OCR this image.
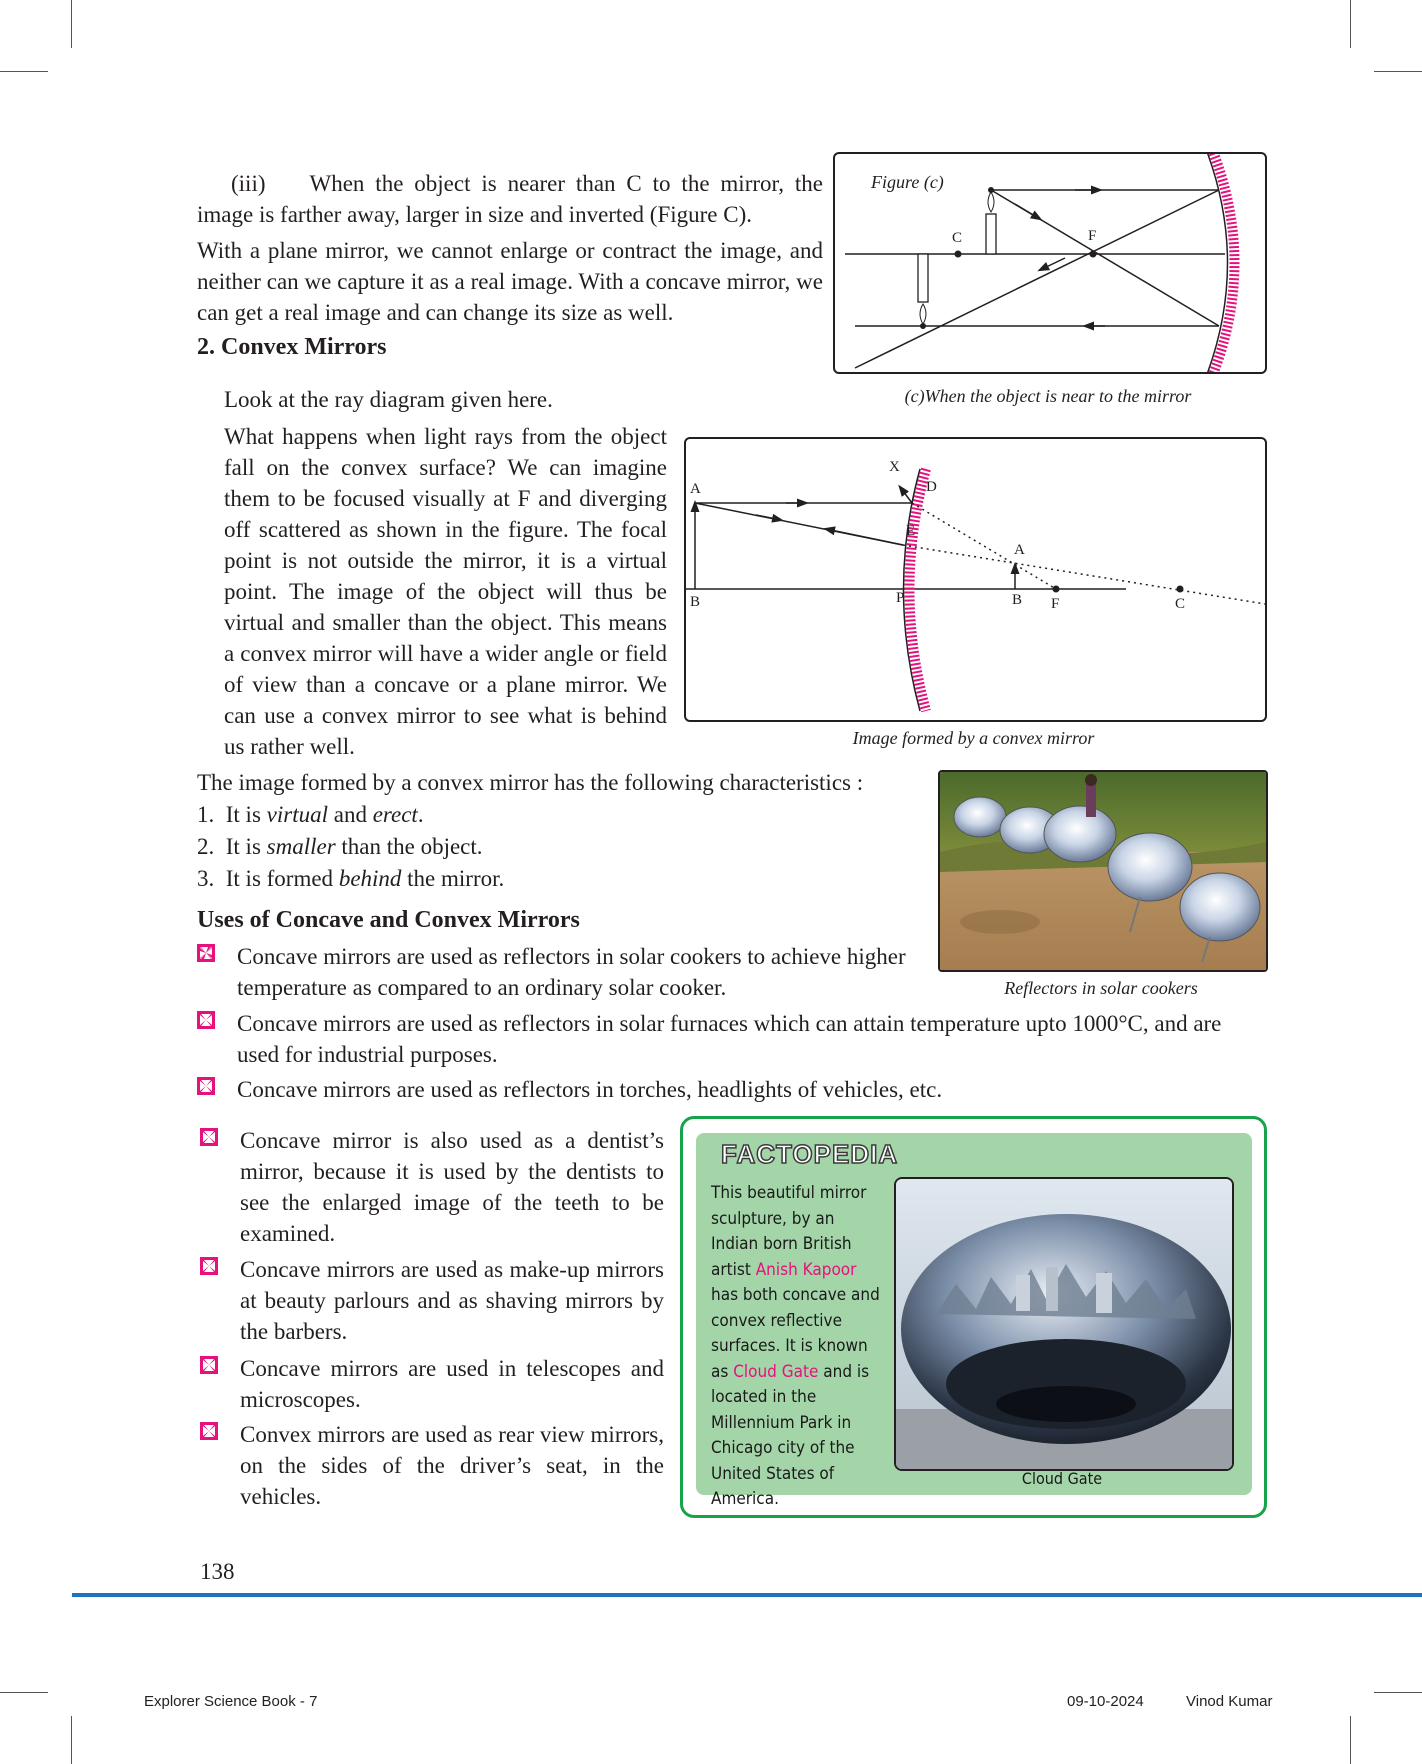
(iii) When the object is nearer than C to the mirror, the image is farther away, larger in size and inverted (Figure C).
With a plane mirror, we cannot enlarge or contract the image, and neither can we capture it as a real image. With a concave mirror, we can get a real image and can change its size as well.
2. Convex Mirrors
Look at the ray diagram given here.
What happens when light rays from the object fall on the convex surface? We can imagine them to be focused visually at F and diverging off scattered as shown in the figure. The focal point is not outside the mirror, it is a virtual point. The image of the object will thus be virtual and smaller than the object. This means a convex mirror will have a wider angle or field of view than a concave or a plane mirror. We can use a convex mirror to see what is behind us rather well.
Figure (c)
C	F
(c)When the object is near to the mirror
X
D
A
E
A
B	P	B F	C
Image formed by a convex mirror
The image formed by a convex mirror has the following characteristics :
1. It is virtual and erect.
2. It is smaller than the object.
3. It is formed behind the mirror.
Reflectors in solar cookers
Uses of Concave and Convex Mirrors
Concave mirrors are used as reflectors in solar cookers to achieve higher temperature as compared to an ordinary solar cooker.
Concave mirrors are used as reflectors in solar furnaces which can attain temperature upto 1000°C, and are used for industrial purposes.
Concave mirrors are used as reflectors in torches, headlights of vehicles, etc.
Concave mirror is also used as a dentist’s mirror, because it is used by the dentists to see the enlarged image of the teeth to be examined.
Concave mirrors are used as make-up mirrors at beauty parlours and as shaving mirrors by the barbers.
Concave mirrors are used in telescopes and microscopes.
Convex mirrors are used as rear view mirrors, on the sides of the driver’s seat, in the vehicles.
FACTOPEDIA
This beautiful mirror sculpture, by an Indian born British artist Anish Kapoor has both concave and convex reflective surfaces. It is known as Cloud Gate and is located in the Millennium Park in Chicago city of the United States of America.
Cloud Gate
138
Explorer Science Book - 7	09-10-2024	Vinod Kumar
